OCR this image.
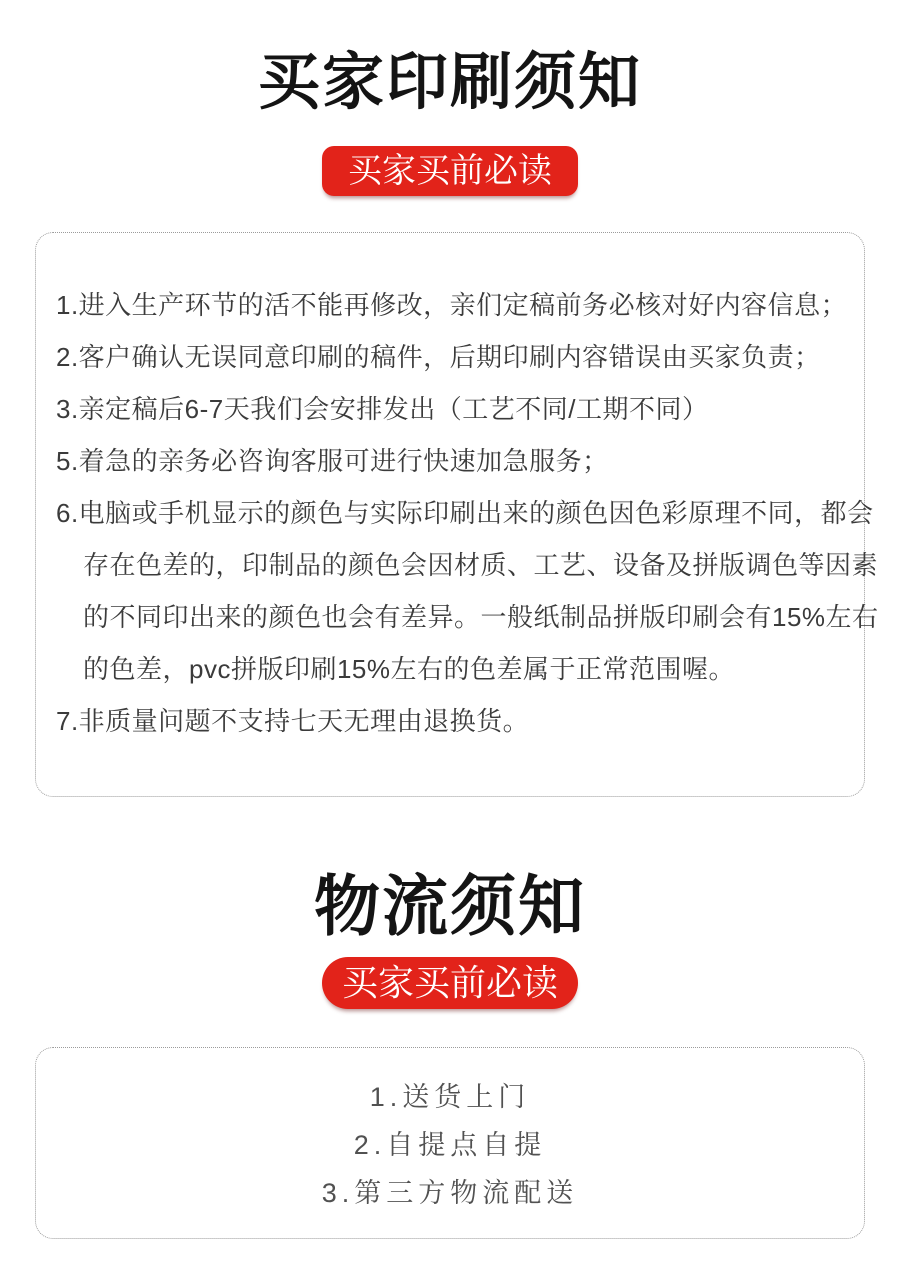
买家印刷须知
买家买前必读
1.进入生产环节的活不能再修改，亲们定稿前务必核对好内容信息；
2.客户确认无误同意印刷的稿件，后期印刷内容错误由买家负责；
3.亲定稿后6-7天我们会安排发出（工艺不同/工期不同）
5.着急的亲务必咨询客服可进行快速加急服务；
6.电脑或手机显示的颜色与实际印刷出来的颜色因色彩原理不同，都会
存在色差的，印制品的颜色会因材质、工艺、设备及拼版调色等因素
的不同印出来的颜色也会有差异。一般纸制品拼版印刷会有15%左右
的色差，pvc拼版印刷15%左右的色差属于正常范围喔。
7.非质量问题不支持七天无理由退换货。
物流须知
买家买前必读
1.送货上门
2.自提点自提
3.第三方物流配送
